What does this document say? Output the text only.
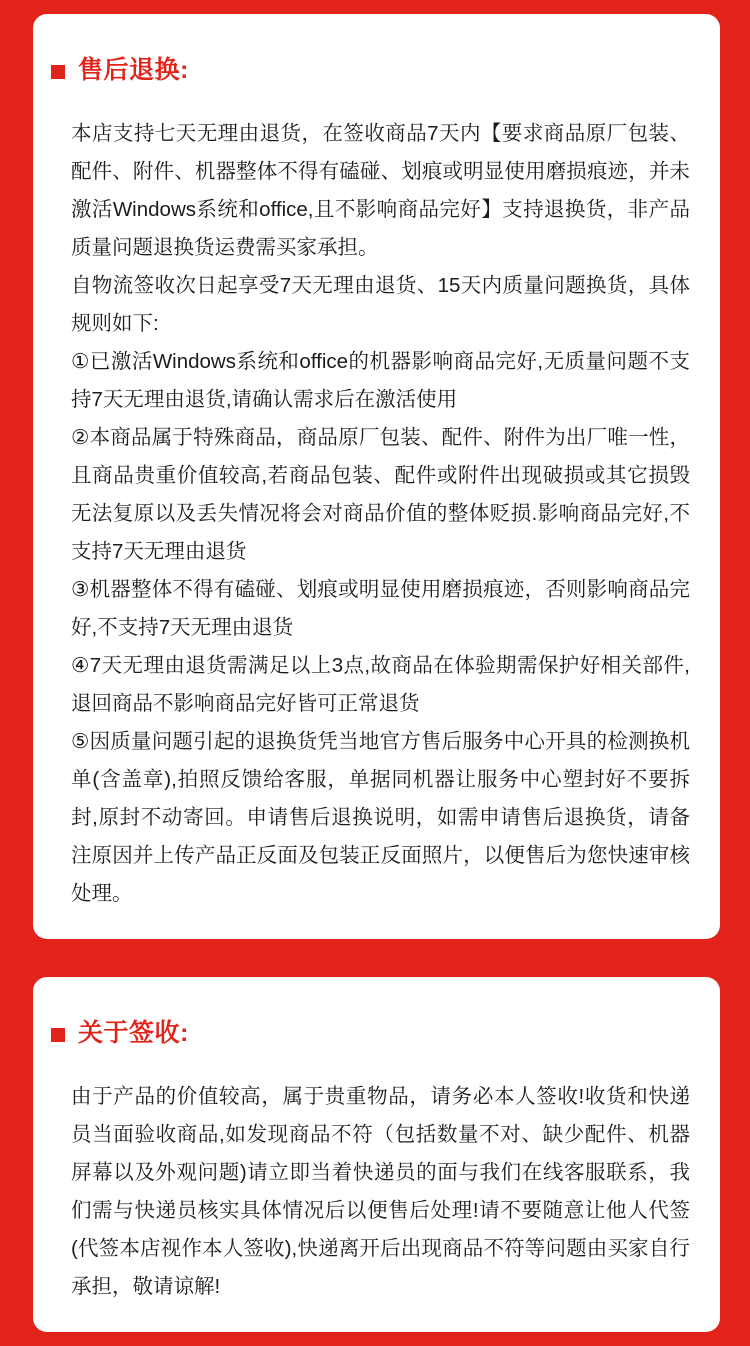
售后退换:

本店支持七天无理由退货，在签收商品7天内【要求商品原厂包装、配件、附件、机器整体不得有磕碰、划痕或明显使用磨损痕迹，并未激活Windows系统和office,且不影响商品完好】支持退换货，非产品质量问题退换货运费需买家承担。

自物流签收次日起享受7天无理由退货、15天内质量问题换货，具体规则如下:

①已激活Windows系统和office的机器影响商品完好,无质量问题不支持7天无理由退货,请确认需求后在激活使用

②本商品属于特殊商品，商品原厂包装、配件、附件为出厂唯一性，且商品贵重价值较高,若商品包装、配件或附件出现破损或其它损毁无法复原以及丢失情况将会对商品价值的整体贬损.影响商品完好,不支持7天无理由退货

③机器整体不得有磕碰、划痕或明显使用磨损痕迹，否则影响商品完好,不支持7天无理由退货

④7天无理由退货需满足以上3点,故商品在体验期需保护好相关部件,退回商品不影响商品完好皆可正常退货

⑤因质量问题引起的退换货凭当地官方售后服务中心开具的检测换机单(含盖章),拍照反馈给客服，单据同机器让服务中心塑封好不要拆封,原封不动寄回。申请售后退换说明，如需申请售后退换货，请备注原因并上传产品正反面及包装正反面照片，以便售后为您快速审核处理。

关于签收:

由于产品的价值较高，属于贵重物品，请务必本人签收!收货和快递员当面验收商品,如发现商品不符（包括数量不对、缺少配件、机器屏幕以及外观问题)请立即当着快递员的面与我们在线客服联系，我们需与快递员核实具体情况后以便售后处理!请不要随意让他人代签(代签本店视作本人签收),快递离开后出现商品不符等问题由买家自行承担，敬请谅解!
